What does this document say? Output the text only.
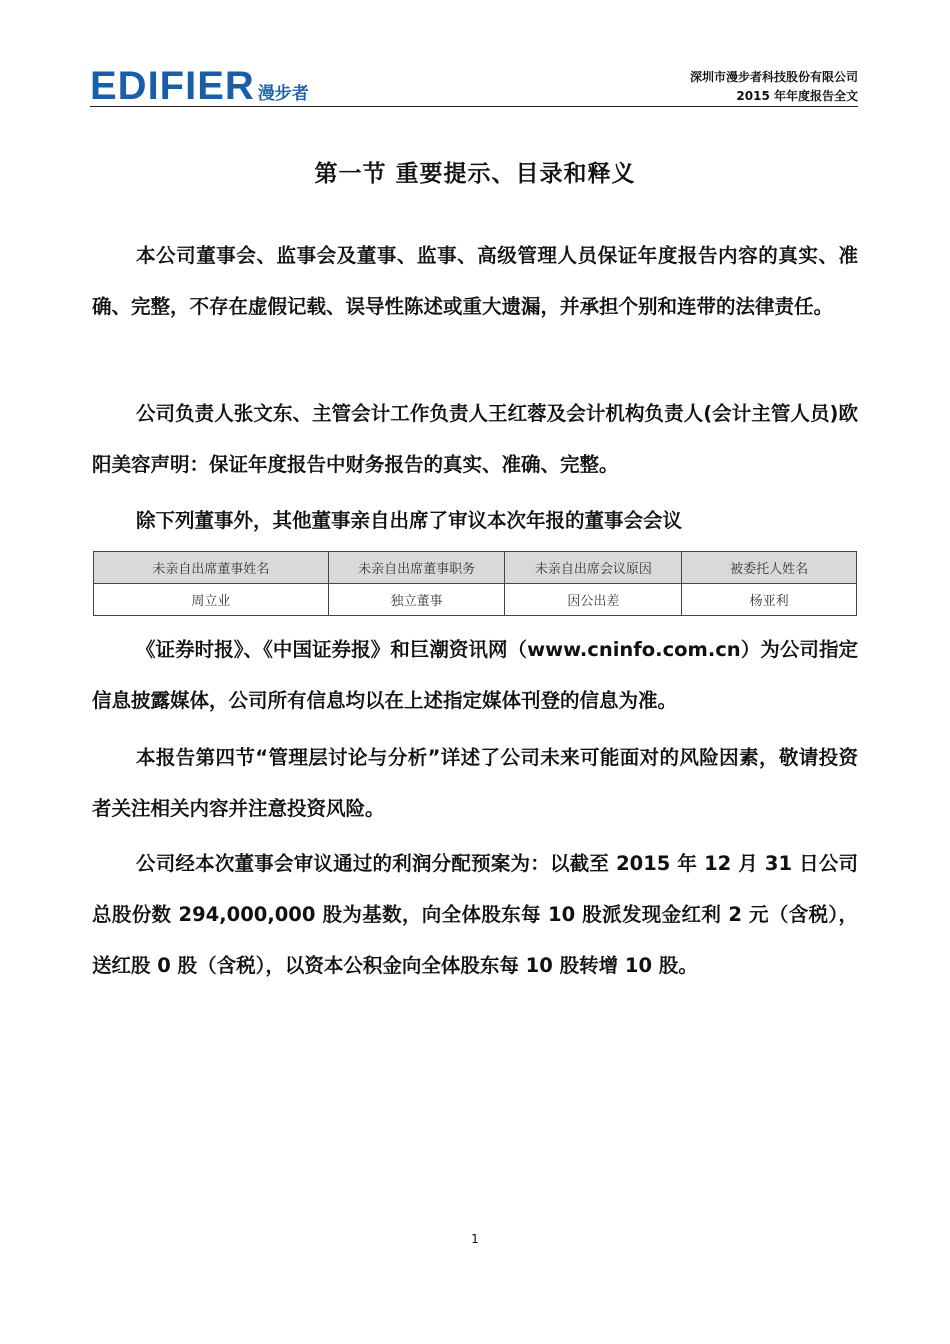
EDIFIER 漫步者
深圳市漫步者科技股份有限公司
2015 年年度报告全文
第一节 重要提示、目录和释义

本公司董事会、监事会及董事、监事、高级管理人员保证年度报告内容的真实、准确、完整，不存在虚假记载、误导性陈述或重大遗漏，并承担个别和连带的法律责任。

公司负责人张文东、主管会计工作负责人王红蓉及会计机构负责人(会计主管人员)欧阳美容声明：保证年度报告中财务报告的真实、准确、完整。

除下列董事外，其他董事亲自出席了审议本次年报的董事会会议

未亲自出席董事姓名	未亲自出席董事职务	未亲自出席会议原因	被委托人姓名
周立业	独立董事	因公出差	杨亚利

《证券时报》、《中国证券报》和巨潮资讯网（www.cninfo.com.cn）为公司指定信息披露媒体，公司所有信息均以在上述指定媒体刊登的信息为准。

本报告第四节“管理层讨论与分析”详述了公司未来可能面对的风险因素，敬请投资者关注相关内容并注意投资风险。

公司经本次董事会审议通过的利润分配预案为：以截至 2015 年 12 月 31 日公司总股份数 294,000,000 股为基数，向全体股东每 10 股派发现金红利 2 元（含税），送红股 0 股（含税），以资本公积金向全体股东每 10 股转增 10 股。

1
